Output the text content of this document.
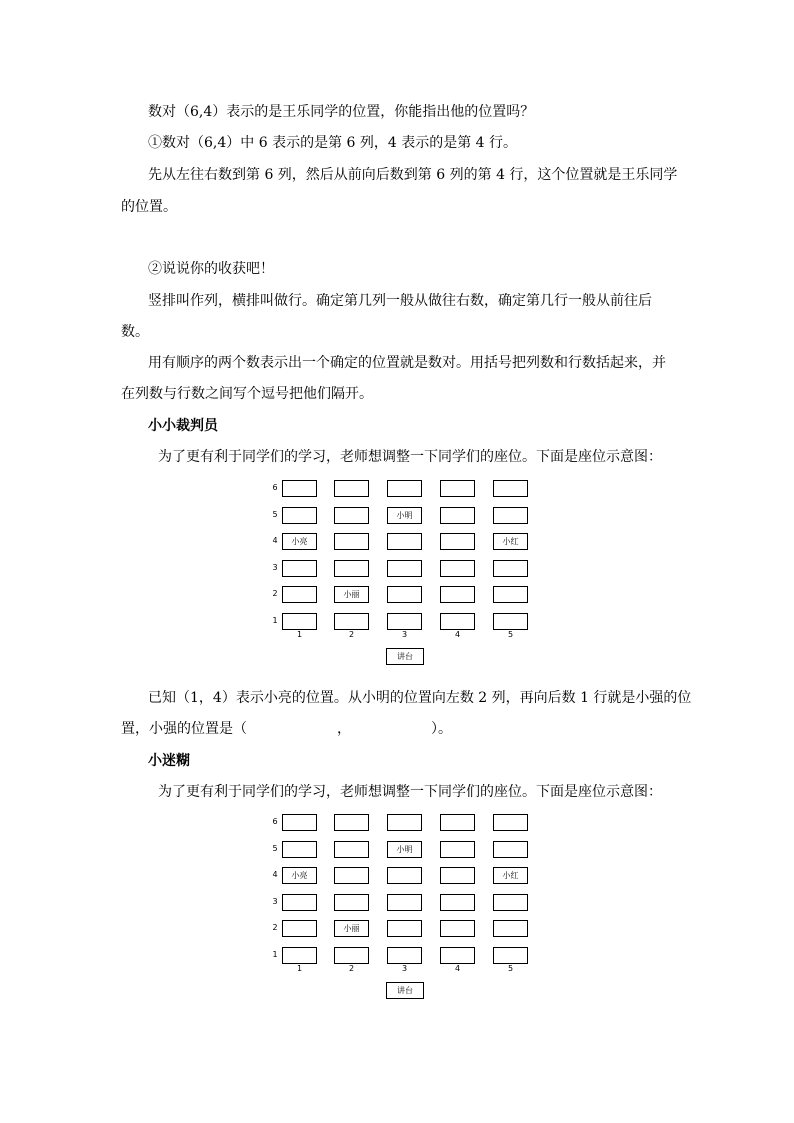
数对（6,4）表示的是王乐同学的位置，你能指出他的位置吗？
①数对（6,4）中 6 表示的是第 6 列，4 表示的是第 4 行。
先从左往右数到第 6 列，然后从前向后数到第 6 列的第 4 行，这个位置就是王乐同学
的位置。
②说说你的收获吧！
竖排叫作列，横排叫做行。确定第几列一般从做往右数，确定第几行一般从前往后
数。
用有顺序的两个数表示出一个确定的位置就是数对。用括号把列数和行数括起来，并
在列数与行数之间写个逗号把他们隔开。
小小裁判员
为了更有利于同学们的学习，老师想调整一下同学们的座位。下面是座位示意图：
6
5
4
3
2
1
小明
小亮	小红
小丽
1	2	3	4	5
讲台
已知（1，4）表示小亮的位置。从小明的位置向左数 2 列，再向后数 1 行就是小强的位
置，小强的位置是（	，	）。
小迷糊
为了更有利于同学们的学习，老师想调整一下同学们的座位。下面是座位示意图：
6
5
4
3
2
1
小明
小亮	小红
小丽
1	2	3	4	5
讲台
